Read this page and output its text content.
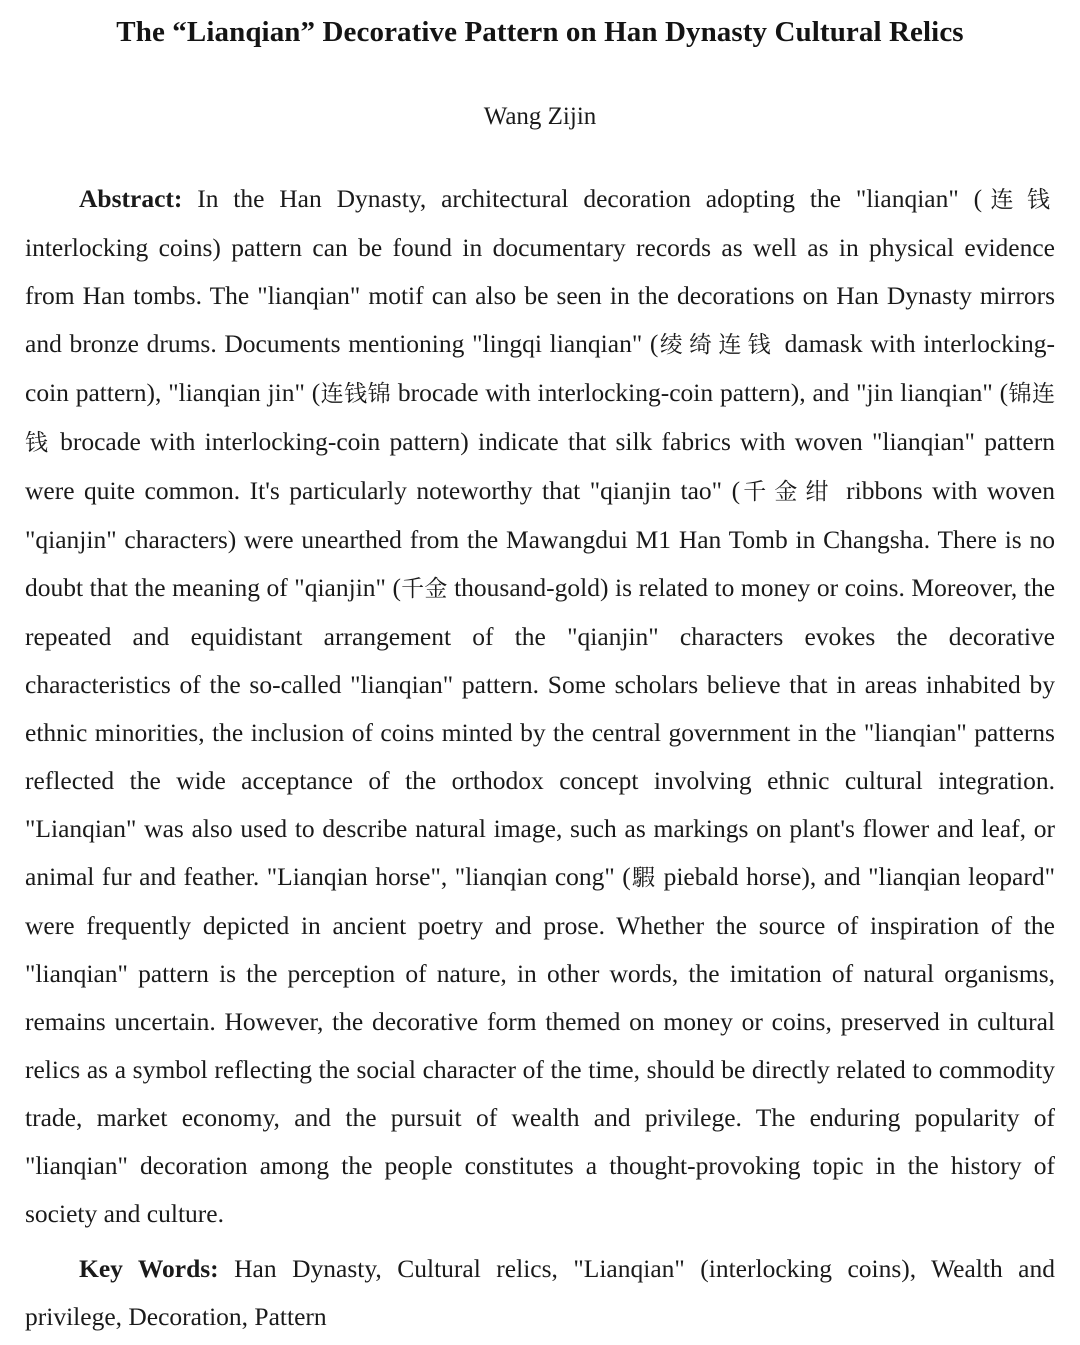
The “Lianqian” Decorative Pattern on Han Dynasty Cultural Relics
Wang Zijin

Abstract: In the Han Dynasty, architectural decoration adopting the "lianqian" (连钱 interlocking coins) pattern can be found in documentary records as well as in physical evidence from Han tombs. The "lianqian" motif can also be seen in the decorations on Han Dynasty mirrors and bronze drums. Documents mentioning "lingqi lianqian" (绫绮连钱 damask with interlocking-coin pattern), "lianqian jin" (连钱锦 brocade with interlocking-coin pattern), and "jin lianqian" (锦连钱 brocade with interlocking-coin pattern) indicate that silk fabrics with woven "lianqian" pattern were quite common. It's particularly noteworthy that "qianjin tao" (千金绀 ribbons with woven "qianjin" characters) were unearthed from the Mawangdui M1 Han Tomb in Changsha. There is no doubt that the meaning of "qianjin" (千金 thousand-gold) is related to money or coins. Moreover, the repeated and equidistant arrangement of the "qianjin" characters evokes the decorative characteristics of the so-called "lianqian" pattern. Some scholars believe that in areas inhabited by ethnic minorities, the inclusion of coins minted by the central government in the "lianqian" patterns reflected the wide acceptance of the orthodox concept involving ethnic cultural integration. "Lianqian" was also used to describe natural image, such as markings on plant's flower and leaf, or animal fur and feather. "Lianqian horse", "lianqian cong" (騢 piebald horse), and "lianqian leopard" were frequently depicted in ancient poetry and prose. Whether the source of inspiration of the "lianqian" pattern is the perception of nature, in other words, the imitation of natural organisms, remains uncertain. However, the decorative form themed on money or coins, preserved in cultural relics as a symbol reflecting the social character of the time, should be directly related to commodity trade, market economy, and the pursuit of wealth and privilege. The enduring popularity of "lianqian" decoration among the people constitutes a thought-provoking topic in the history of society and culture.

Key Words: Han Dynasty, Cultural relics, "Lianqian" (interlocking coins), Wealth and privilege, Decoration, Pattern
